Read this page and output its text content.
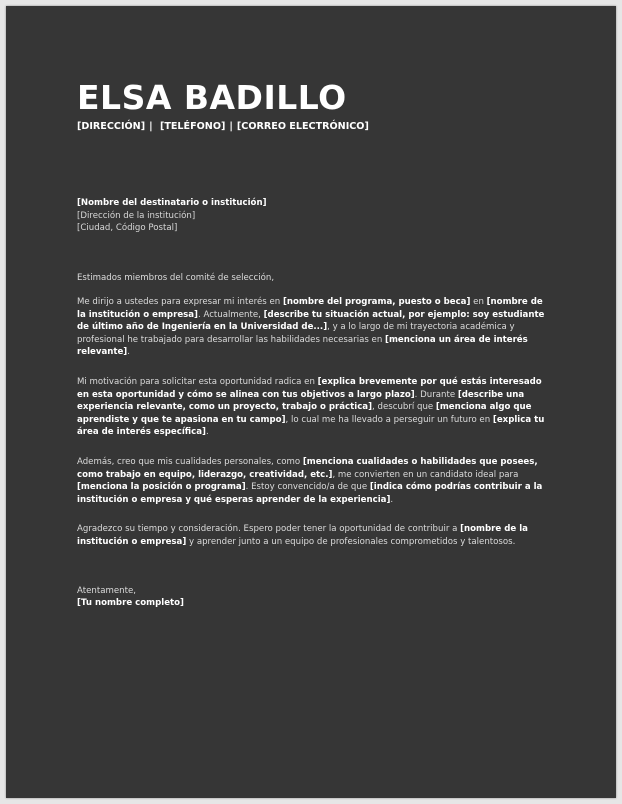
ELSA BADILLO
[DIRECCIÓN] | [TELÉFONO] | [CORREO ELECTRÓNICO]
[Nombre del destinatario o institución]
[Dirección de la institución]
[Ciudad, Código Postal]
Estimados miembros del comité de selección,
Me dirijo a ustedes para expresar mi interés en [nombre del programa, puesto o beca] en [nombre de la institución o empresa]. Actualmente, [describe tu situación actual, por ejemplo: soy estudiante de último año de Ingeniería en la Universidad de...], y a lo largo de mi trayectoria académica y profesional he trabajado para desarrollar las habilidades necesarias en [menciona un área de interés relevante].
Mi motivación para solicitar esta oportunidad radica en [explica brevemente por qué estás interesado en esta oportunidad y cómo se alinea con tus objetivos a largo plazo]. Durante [describe una experiencia relevante, como un proyecto, trabajo o práctica], descubrí que [menciona algo que aprendiste y que te apasiona en tu campo], lo cual me ha llevado a perseguir un futuro en [explica tu área de interés específica].
Además, creo que mis cualidades personales, como [menciona cualidades o habilidades que posees, como trabajo en equipo, liderazgo, creatividad, etc.], me convierten en un candidato ideal para [menciona la posición o programa]. Estoy convencido/a de que [indica cómo podrías contribuir a la institución o empresa y qué esperas aprender de la experiencia].
Agradezco su tiempo y consideración. Espero poder tener la oportunidad de contribuir a [nombre de la institución o empresa] y aprender junto a un equipo de profesionales comprometidos y talentosos.
Atentamente,
[Tu nombre completo]
